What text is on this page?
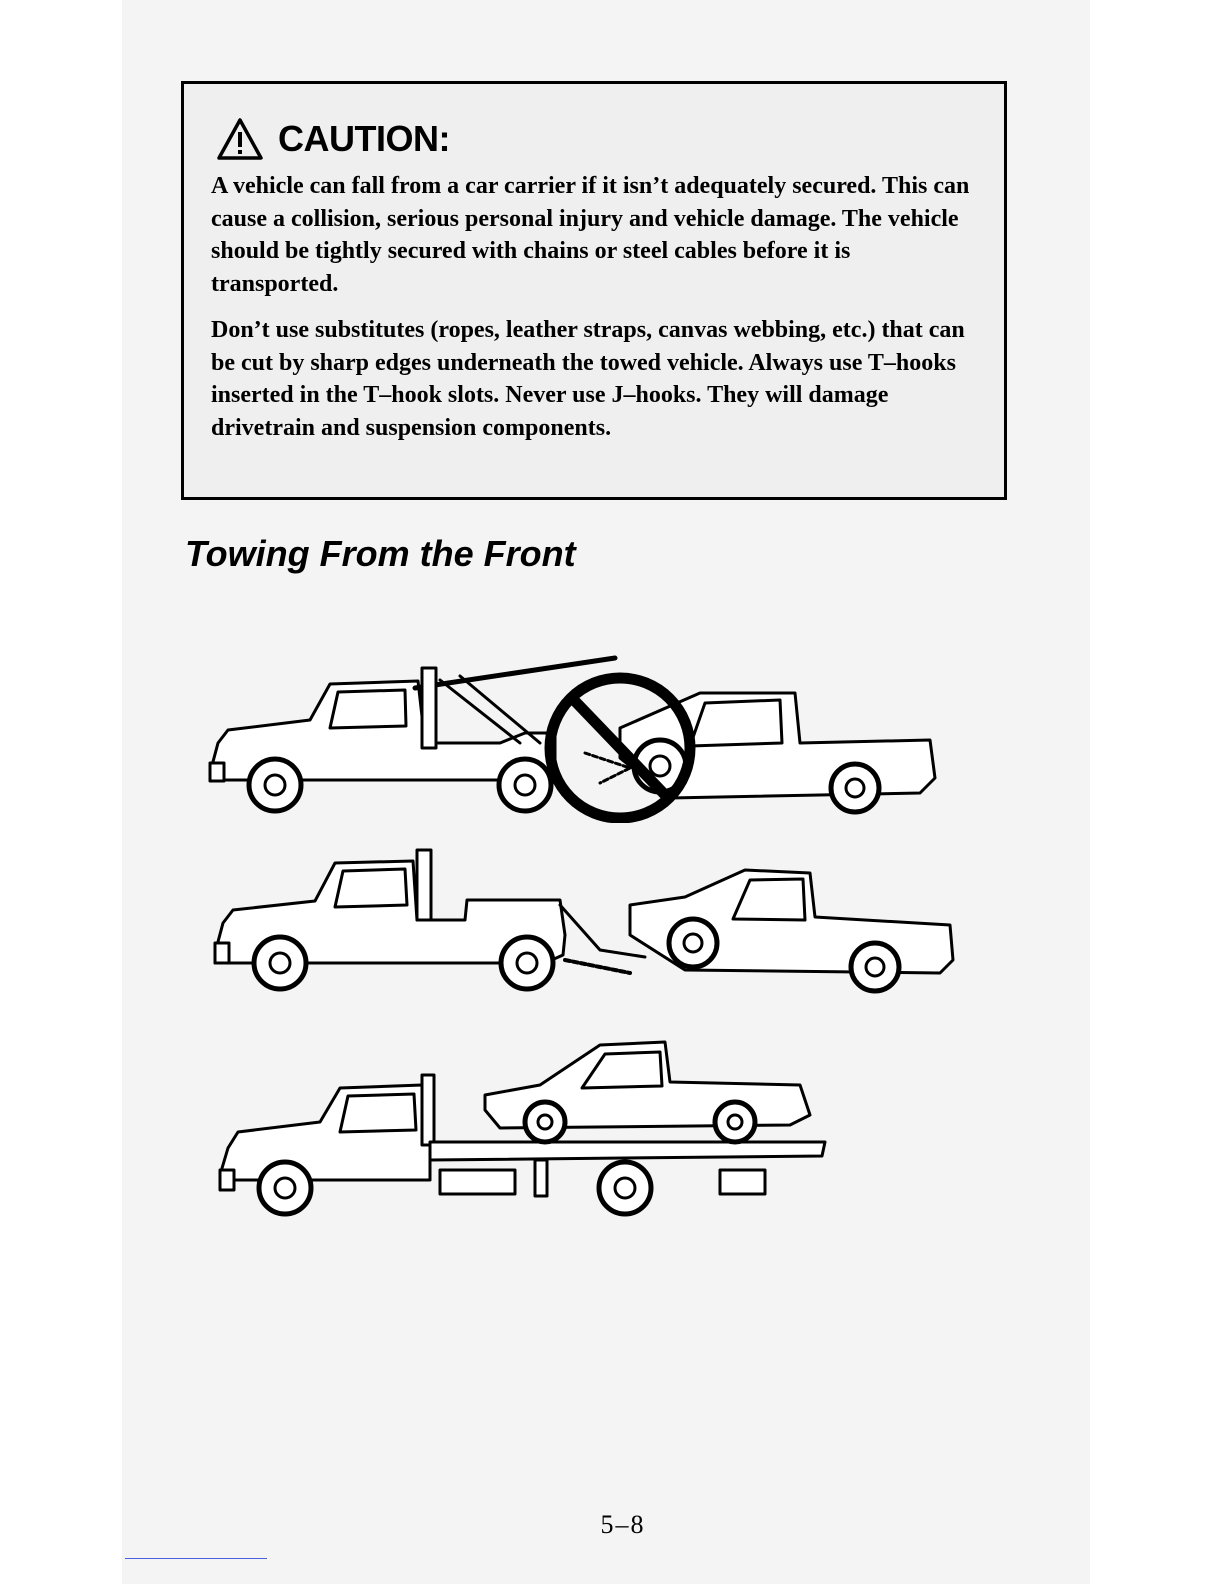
CAUTION:

A vehicle can fall from a car carrier if it isn’t adequately secured. This can cause a collision, serious personal injury and vehicle damage. The vehicle should be tightly secured with chains or steel cables before it is transported.

Don’t use substitutes (ropes, leather straps, canvas webbing, etc.) that can be cut by sharp edges underneath the towed vehicle. Always use T–hooks inserted in the T–hook slots. Never use J–hooks. They will damage drivetrain and suspension components.

Towing From the Front
5–8
